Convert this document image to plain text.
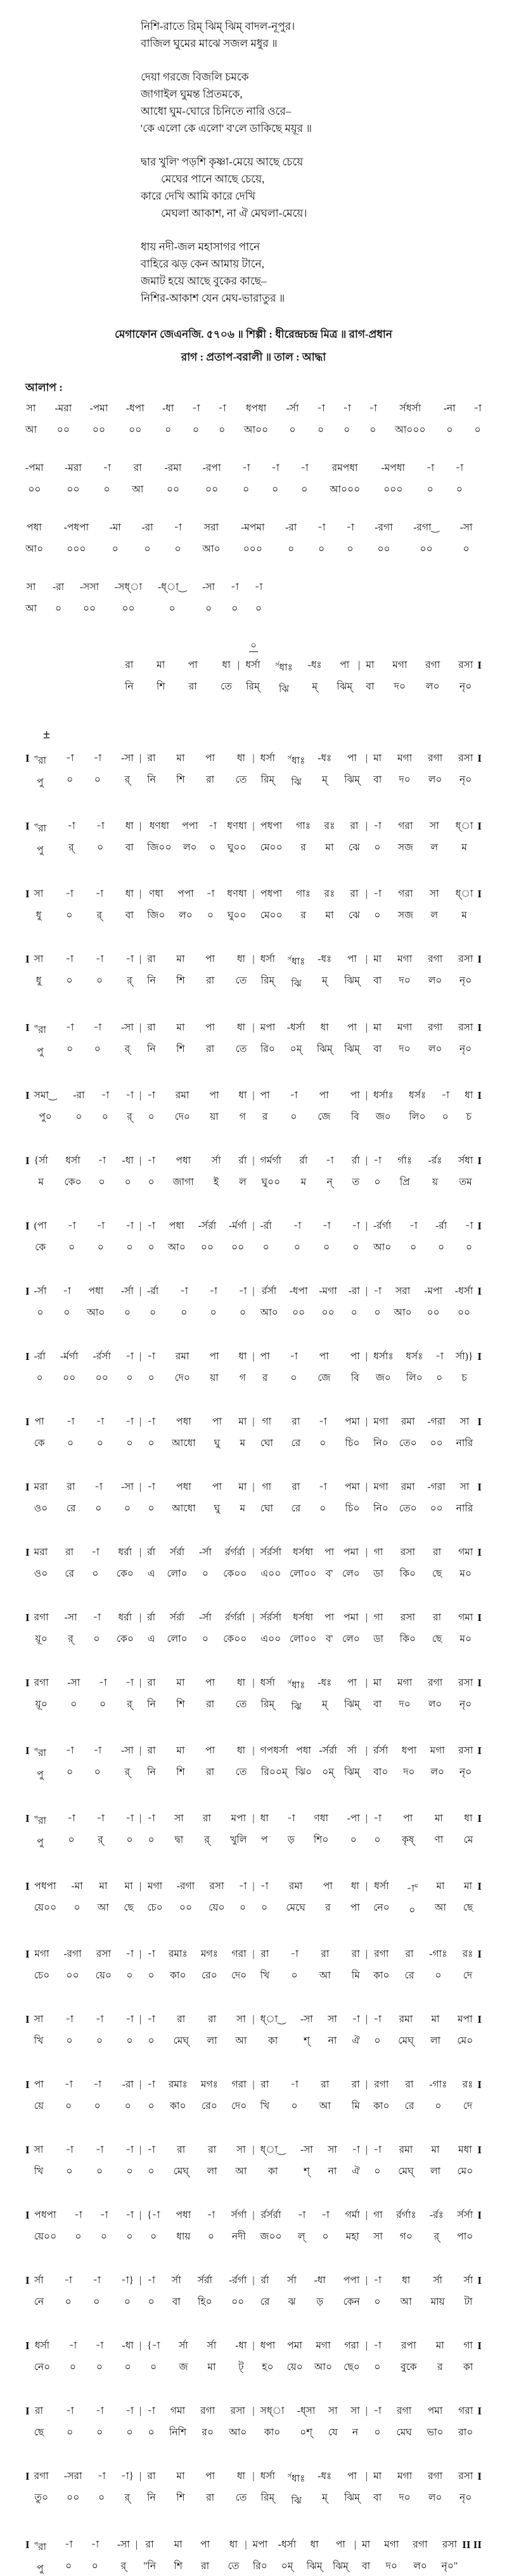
নিশি-রাতে রিম্ ঝিম্ ঝিম্ বাদল-নূপুর।
বাজিল ঘুমের মাঝে সজল মধুর ॥
দেয়া গরজে বিজলি চমকে
জাগাইল ঘুমন্ত প্রিতমকে,
আধো ঘুম-ঘোরে চিনিতে নারি ওরে–
'কে এলো কে এলো' ব'লে ডাকিছে ময়ূর ॥
দ্বার খুলি' পড়শি কৃষ্ণা-মেয়ে আছে চেয়ে
মেঘের পানে আছে চেয়ে,
কারে দেখি আমি কারে দেখি
মেঘলা আকাশ, না ঐ মেঘলা-মেয়ে।
ধায় নদী-জল মহাসাগর পানে
বাহিরে ঝড় কেন আমায় টানে,
জমাট হয়ে আছে বুকের কাছে–
নিশির-আকাশ যেন মেঘ-ভারাতুর ॥
মেগাফোন জেএনজি. ৫৭০৬ ॥ শিল্পী : ধীরেন্দ্রচন্দ্র মিত্র ॥ রাগ-প্রধান
রাগ : প্রতাপ-বরালী ॥ তাল : আদ্ধা
আলাপ :
সা
আ
-মরা
০০
-পমা
০০
-ধপা
০০
-ধা
০
-া
০
-া
০
ধপধা
আ০০
-র্সা
০
-া
০
-া
০
-া
০
র্সধর্সা
আ০০০
-না
০
-া
০
-পমা
০০
-মরা
০০
-া
০
রা
আ
-রমা
০০
-রপা
০০
-া
০
-া
০
-া
০
রমপধা
আ০০০
-মপধা
০০০
-া
০
-া
০
পধা
আ০
-পধপা
০০০
-মা
০
-রা
০
-া
০
সরা
আ০
-মপমা
০০০
-রা
০
-া
০
-া
০
-রগা
০০
-রগা‿
০০
-সা
০
সা
আ
-রা
০
-সসা
০০
-সধ্‌া
০০
-ধ্‌া‿
০
-সা
০
-া
০
-া
০
০
রা
নি
মা
শি
পা
রা
ধা
তে
| ধর্সা
রিম্
$^{র্স}$ধাঃ
ঝি
-ধঃ
ম্
পা
ঝিম্
| মা
বা
মগা
দ০
রগা
ল০
রসা
নৃ০
I
±
I $^প$রা
পু
-া
০
-া
০
-সা
র্
| রা
নি
মা
শি
পা
রা
ধা
তে
| ধর্সা
রিম্
$^{র্স}$ধাঃ
ঝি
-ধঃ
ম্
পা
ঝিম্
| মা
বা
মগা
দ০
রগা
ল০
রসা
নৃ০
I
I $^প$রা
পু
-া
র্
-া
০
ধা
বা
| ধণধা
জি০০
পপা
ল০
-া
০
ধণধা
ঘু০০
| পধপা
মে০০
গাঃ
র
রঃ
মা
রা
ঝে
| -া
০
গরা
সজ
সা
ল
ধ্‌া
ম
I
I সা
ধু
-া
০
-া
র্
ধা
বা
| ণধা
জি০
পপা
ল০
-া
০
ধণধা
ঘু০০
| পধপা
মে০০
গাঃ
র
রঃ
মা
রা
ঝে
| -া
০
গরা
সজ
সা
ল
ধ্‌া
ম
I
I সা
ধু
-া
০
-া
০
-া
র্
| রা
নি
মা
শি
পা
রা
ধা
তে
| ধর্সা
রিম্
$^{র্স}$ধাঃ
ঝি
-ধঃ
ম্
পা
ঝিম্
| মা
বা
মগা
দ০
রগা
ল০
রসা
নৃ০
I
I $^প$রা
পু
-া
০
-া
০
-সা
র্
| রা
নি
মা
শি
পা
রা
ধা
তে
| মপা
রি০
-ধর্সা
০ম্
ধা
ঝিম্
পা
ঝিম্
| মা
বা
মগা
দ০
রগা
ল০
রসা
নৃ০
I
I সমা‿
পু০
-রা
০
-া
০
-া
র্
| -া
০
রমা
দে০
পা
য়া
ধা
গ
| পা
র
-া
০
পা
জে
পা
বি
| ধর্সাঃ
জ০
ধর্সঃ
লি০
-া
০
ধা
চ
I
I {র্সা
ম
ধর্সা
কে০
-া
০
-ধা
০
| -া
০
পধা
জাগা
র্সা
ই
র্রা
ল
| গর্মর্গা
ঘু০০
র্রা
ম
-া
ন্
র্রা
ত
| -া
০
র্গাঃ
প্রি
-র্রঃ
য়
র্সধা
তম
I
I (পা
কে
-া
০
-া
০
-া
০
| -া
০
পধা
আ০
-র্সর্রা
০০
-র্মর্গা
০০
| -র্রা
০
-া
০
-া
০
-া
০
| -র্রর্গা
আ০
-া
০
-র্রা
০
-া
০
I
I -র্সা
০
-া
০
পধা
আ০
-র্সা
০
| -র্রা
০
-া
০
-া
০
-া
০
| র্রর্সা
আ০
-ধপা
০০
-মগা
০০
-রা
০
| -া
০
সরা
আ০
-মপা
০০
-ধর্সা
০০
I
I -র্রা
০
-র্মর্গা
০০
-র্রর্সা
০০
-া
০
| -া
০
রমা
দে০
পা
য়া
ধা
গ
| পা
র
-া
০
পা
জে
পা
বি
| ধর্সাঃ
জ০
ধর্সঃ
লি০
-া
০
র্সা)}
চ
I
I পা
কে
-া
০
-া
০
-া
০
| -া
০
পধা
আধো
পা
ঘু
মা
ম
| গা
ঘো
রা
রে
-া
০
পমা
চি০
| মগা
নি০
রমা
তে০
-গরা
০০
সা
নারি
I
I মরা
ও০
রা
রে
-া
০
-সা
০
| -া
০
পধা
আধো
পা
ঘু
মা
ম
| গা
ঘো
রা
রে
-া
০
পমা
চি০
| মগা
নি০
রমা
তে০
-গরা
০০
সা
নারি
I
I মরা
ও০
রা
রে
-া
০
ধর্রা
কে০
| র্রা
এ
র্সর্রা
লো০
-র্সা
০
র্রর্গর্রা
কে০০
| র্সর্রর্সা
এ০০
ধর্সধা
লো০০
পা
ব'
পমা
লে০
| গা
ডা
রসা
কি০
রা
ছে
গমা
ম০
I
I রগা
য়ূ০
-সা
র্
-া
০
ধর্রা
কে০
| র্রা
এ
র্সর্রা
লো০
-র্সা
০
র্রর্গর্রা
কে০০
| র্সর্রর্সা
এ০০
ধর্সধা
লো০০
পা
ব'
পমা
লে০
| গা
ডা
রসা
কি০
রা
ছে
গমা
ম০
I
I রগা
য়ূ০
-সা
০
-া
০
-া
র্
| রা
নি
মা
শি
পা
রা
ধা
তে
| ধর্সা
রিম্
$^{র্স}$ধাঃ
ঝি
-ধঃ
ম্
পা
ঝিম্
| মা
বা
মগা
দ০
রগা
ল০
রসা
নৃ০
I
I $^প$রা
পু
-া
০
-া
০
-সা
র্
| রা
নি
মা
শি
পা
রা
ধা
তে
| গপধর্সা
রি০০ম্
পধা
ঝি০
-র্সর্রা
০ম্
র্সা
ঝিম্
| র্রর্সা
বা০
ধপা
দ০
মগা
ল০
রসা
নৃ০
I
I $^প$রা
পু
-া
০
-া
র্
-া
০
| -া
০
সা
দ্বা
রা
র্
মপা
খুলি
| ধা
প
-া
ড়
ণধা
শি০
-পা
০
| -া
০
পা
কৃষ্
মা
ণা
ধা
মে
I
I পধপা
য়ে০০
-মা
০
মা
আ
মা
ছে
| মগা
চে০
-রগা
০০
রসা
য়ে০
-া
০
| -া
০
রমা
মেঘে
পা
র
ধা
পা
| ধর্সা
নে০
-া$^ম$
০
মা
আ
মা
ছে
I
I মগা
চে০
-রগা
০০
রসা
য়ে০
-া
০
| -া
০
রমাঃ
কা০
মগঃ
রে০
গরা
দে০
| রা
খি
-া
০
রা
আ
রা
মি
| রগা
কা০
রা
রে
-গাঃ
০
রঃ
দে
I
I সা
খি
-া
০
-া
০
-া
০
| -া
০
রা
মেঘ্
রা
লা
সা
আ
| ধ্‌া‿
কা
-সা
শ্
সা
না
-া
ঐ
| -া
০
রমা
মেঘ্
মা
লা
মপা
মে০
I
I পা
য়ে
-া
০
-া
০
-রা
০
| -া
০
রমাঃ
কা০
মগঃ
রে০
গরা
দে০
| রা
খি
-া
০
রা
আ
রা
মি
| রগা
কা০
রা
রে
-গাঃ
০
রঃ
দে
I
I সা
খি
-া
০
-া
০
-া
০
| -া
০
রা
মেঘ্
রা
লা
সা
আ
| ধ্‌া‿
কা
-সা
শ্
সা
না
-া
ঐ
| -া
০
রমা
মেঘ্
মা
লা
মধা
মে০
I
I পধপা
য়ে০০
-া
০
-া
০
-া
০
| {-া
০
পধা
ধায়
-া
০
র্সর্গা
নদী
| র্রর্সর্রা
জ০০
-া
ল্
-া
০
গর্মা
মহা
| গা
সা
র্রর্গাঃ
গ০
-র্রঃ
র্
র্সর্সা
পা০
I
I র্সা
নে
-া
০
-া
০
-া}
০
| -া
০
র্সা
বা
র্সর্রা
হি০
-র্রর্গা
০০
| র্রা
রে
র্সা
ঝ
-ধা
ড়
পপা
কেন
| -া
০
ধা
আ
র্সা
মায়
র্সা
টা
I
I ধর্সা
নে০
-া
০
-া
০
-ধা
০
| {-া
০
র্সা
জ
র্সা
মা
-ধা
ট্
| ধপা
হ০
পমা
য়ে০
মগা
আ০
গরা
ছে০
| -া
০
রপা
বুকে
মা
র
গা
কা
I
I রা
ছে
-া
০
-া
০
-া
০
| -া
০
গমা
নিশি
রগা
র০
রসা
আ০
| সধ্‌া
কা০
-ধ্‌সা
০শ্
সা
যে
সা
ন
| -া
০
রগা
মেঘ
পমা
ভা০
গরা
রা০
I
I রগা
তু০
-সরা
০০
-া
০
-া}
র্
| রা
নি
মা
শি
পা
রা
ধা
তে
| ধর্সা
রিম্
$^{র্স}$ধাঃ
ঝি
-ধঃ
ম্
পা
ঝিম্
| মা
বা
মগা
দ০
রগা
ল০
রসা
নৃ০
I
I $^প$রা
পু
-া
০
-া
০
-সা
র্
| রা
"নি
মা
শি
পা
রা
ধা
তে
| মপা
রি০
-ধর্সা
০ম্
ধা
ঝিম্
পা
ঝিম্
| মা
বা
মগা
দ০
রগা
ল০
রসা
নৃ০"
II II
